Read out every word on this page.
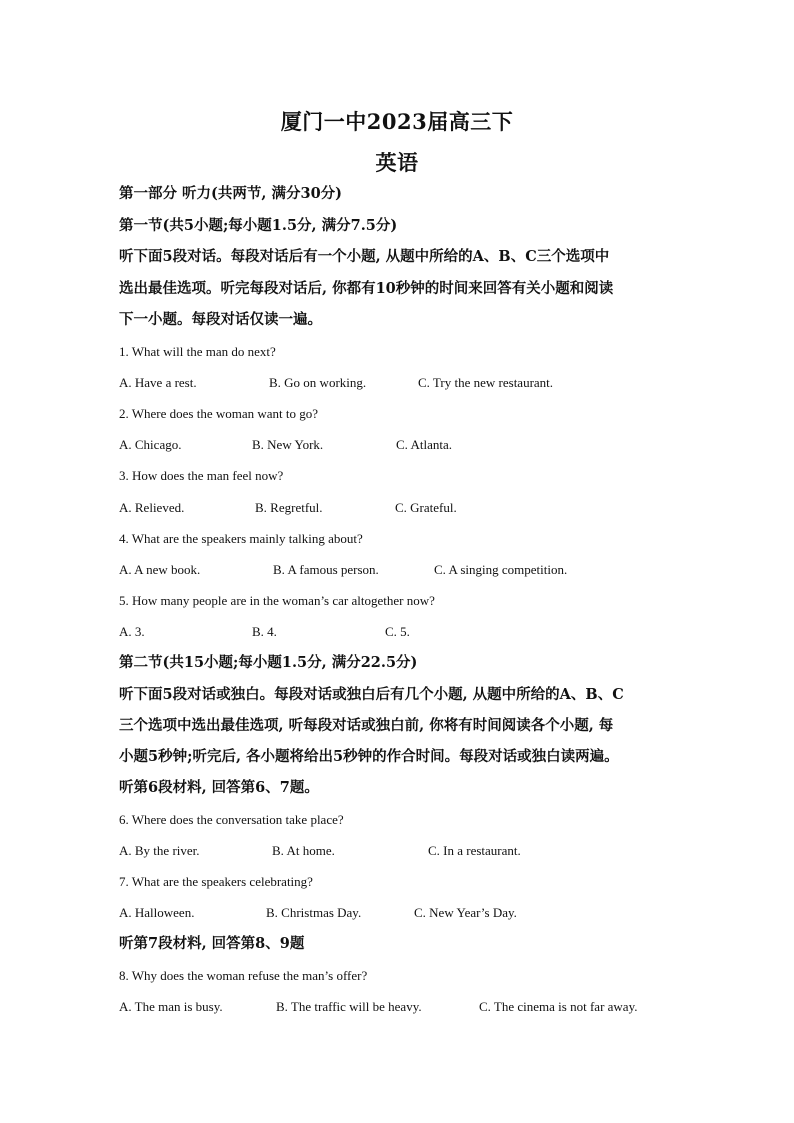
厦门一中2023届高三下
英语
第一部分 听力(共两节, 满分30分)
第一节(共5小题;每小题1.5分, 满分7.5分)
听下面5段对话。每段对话后有一个小题, 从题中所给的A、B、C三个选项中
选出最佳选项。听完每段对话后, 你都有10秒钟的时间来回答有关小题和阅读
下一小题。每段对话仅读一遍。
1. What will the man do next?
A. Have a rest.	B. Go on working.	C. Try the new restaurant.
2. Where does the woman want to go?
A. Chicago.	B. New York.	C. Atlanta.
3. How does the man feel now?
A. Relieved.	B. Regretful.	C. Grateful.
4. What are the speakers mainly talking about?
A. A new book.	B. A famous person.	C. A singing competition.
5. How many people are in the woman’s car altogether now?
A. 3.	B. 4.	C. 5.
第二节(共15小题;每小题1.5分, 满分22.5分)
听下面5段对话或独白。每段对话或独白后有几个小题, 从题中所给的A、B、C
三个选项中选出最佳选项, 听每段对话或独白前, 你将有时间阅读各个小题, 每
小题5秒钟;听完后, 各小题将给出5秒钟的作合时间。每段对话或独白读两遍。
听第6段材料, 回答第6、7题。
6. Where does the conversation take place?
A. By the river.	B. At home.	C. In a restaurant.
7. What are the speakers celebrating?
A. Halloween.	B. Christmas Day.	C. New Year’s Day.
听第7段材料, 回答第8、9题
8. Why does the woman refuse the man’s offer?
A. The man is busy.	B. The traffic will be heavy.	C. The cinema is not far away.
